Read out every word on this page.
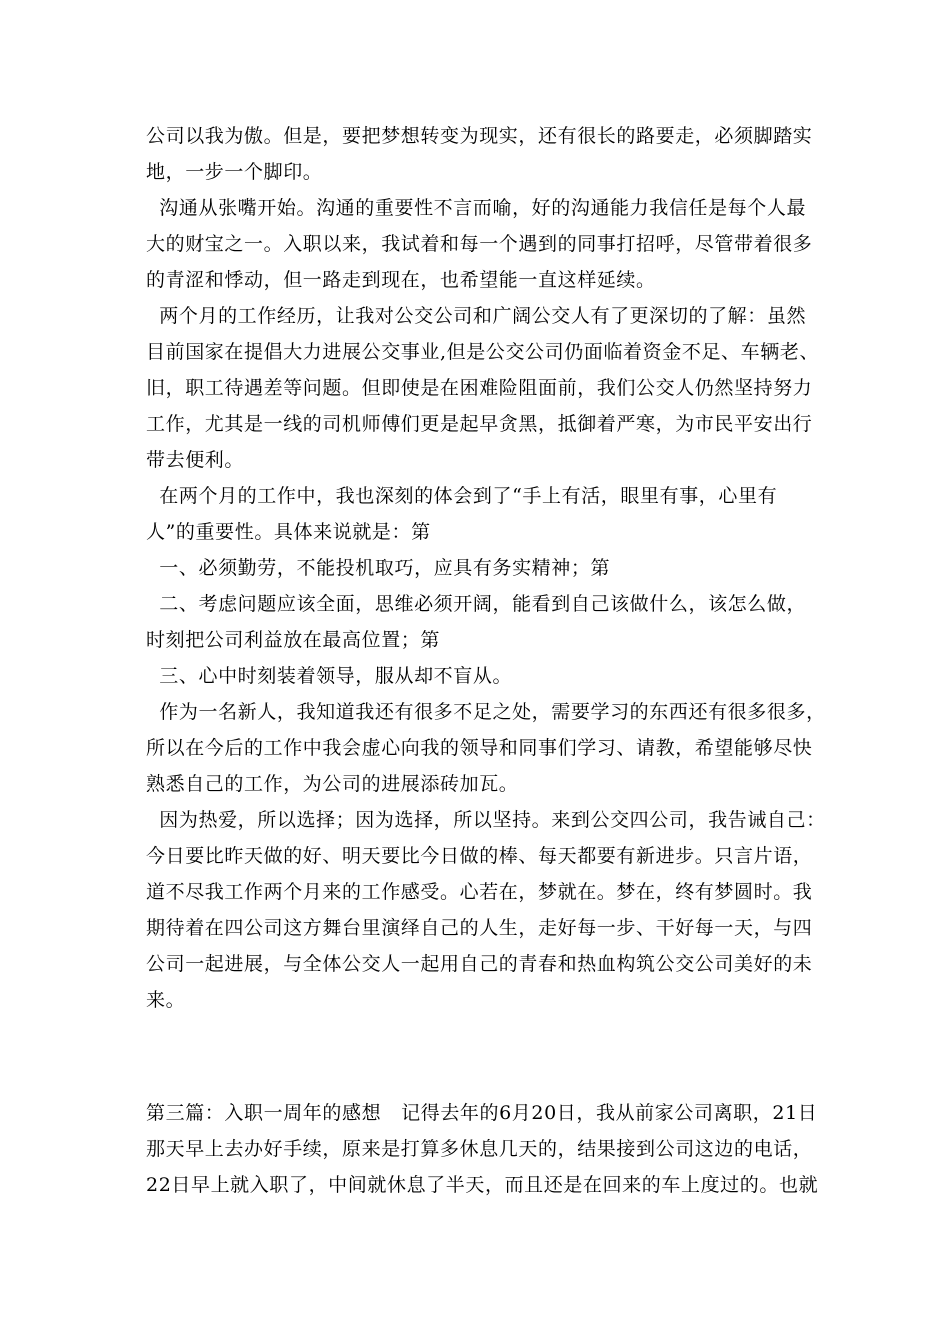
公司以我为傲。但是，要把梦想转变为现实，还有很长的路要走，必须脚踏实
地，一步一个脚印。
沟通从张嘴开始。沟通的重要性不言而喻，好的沟通能力我信任是每个人最
大的财宝之一。入职以来，我试着和每一个遇到的同事打招呼，尽管带着很多
的青涩和悸动，但一路走到现在，也希望能一直这样延续。
两个月的工作经历，让我对公交公司和广阔公交人有了更深切的了解：虽然
目前国家在提倡大力进展公交事业,但是公交公司仍面临着资金不足、车辆老、
旧，职工待遇差等问题。但即使是在困难险阻面前，我们公交人仍然坚持努力
工作，尤其是一线的司机师傅们更是起早贪黑，抵御着严寒，为市民平安出行
带去便利。
在两个月的工作中，我也深刻的体会到了“手上有活，眼里有事，心里有
人”的重要性。具体来说就是：第
一、必须勤劳，不能投机取巧，应具有务实精神；第
二、考虑问题应该全面，思维必须开阔，能看到自己该做什么，该怎么做，
时刻把公司利益放在最高位置；第
三、心中时刻装着领导，服从却不盲从。
作为一名新人，我知道我还有很多不足之处，需要学习的东西还有很多很多，
所以在今后的工作中我会虚心向我的领导和同事们学习、请教，希望能够尽快
熟悉自己的工作，为公司的进展添砖加瓦。
因为热爱，所以选择；因为选择，所以坚持。来到公交四公司，我告诫自己：
今日要比昨天做的好、明天要比今日做的棒、每天都要有新进步。只言片语，
道不尽我工作两个月来的工作感受。心若在，梦就在。梦在，终有梦圆时。我
期待着在四公司这方舞台里演绎自己的人生，走好每一步、干好每一天，与四
公司一起进展，与全体公交人一起用自己的青春和热血构筑公交公司美好的未
来。
第三篇：入职一周年的感想   记得去年的6月20日，我从前家公司离职，21日
那天早上去办好手续，原来是打算多休息几天的，结果接到公司这边的电话，
22日早上就入职了，中间就休息了半天，而且还是在回来的车上度过的。也就
